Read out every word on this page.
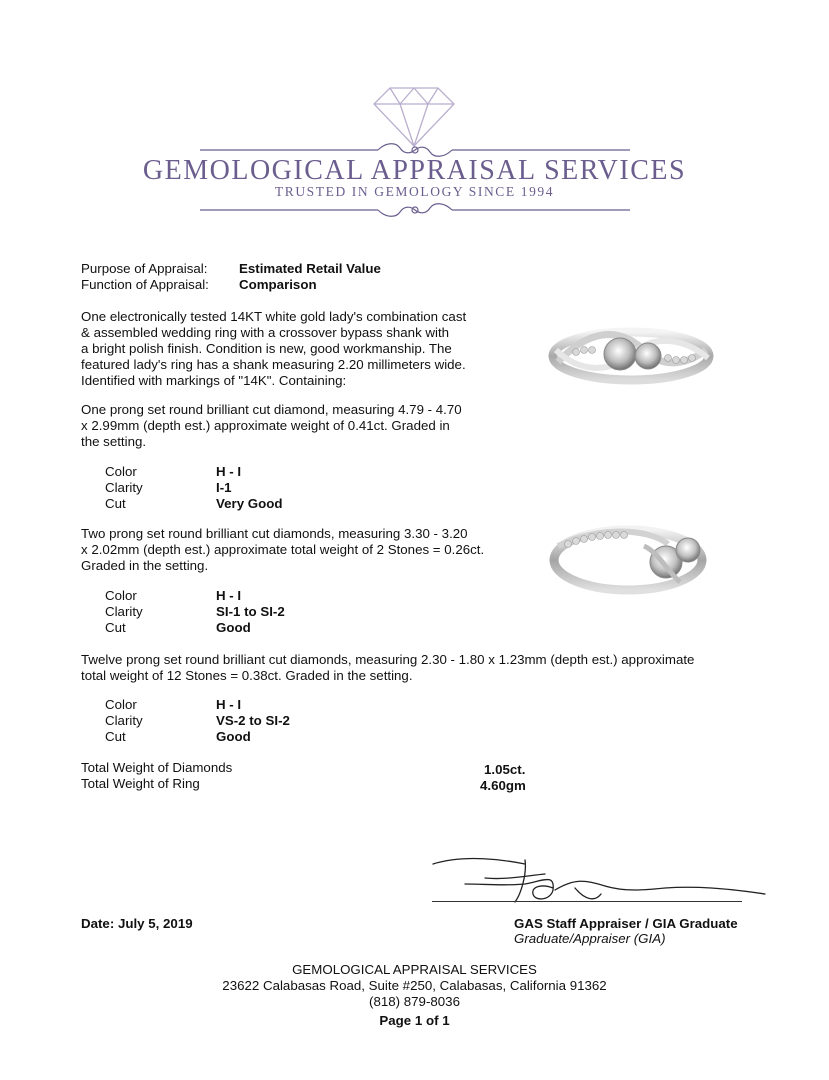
GEMOLOGICAL APPRAISAL SERVICES
TRUSTED IN GEMOLOGY SINCE 1994
Purpose of Appraisal: Estimated Retail Value
Function of Appraisal: Comparison
One electronically tested 14KT white gold lady's combination cast
& assembled wedding ring with a crossover bypass shank with
a bright polish finish. Condition is new, good workmanship. The
featured lady's ring has a shank measuring 2.20 millimeters wide.
Identified with markings of "14K". Containing:
One prong set round brilliant cut diamond, measuring 4.79 - 4.70
x 2.99mm (depth est.) approximate weight of 0.41ct. Graded in
the setting.
Color	H - I
Clarity	I-1
Cut	Very Good
Two prong set round brilliant cut diamonds, measuring 3.30 - 3.20
x 2.02mm (depth est.) approximate total weight of 2 Stones = 0.26ct.
Graded in the setting.
Color	H - I
Clarity	SI-1 to SI-2
Cut	Good
Twelve prong set round brilliant cut diamonds, measuring 2.30 - 1.80 x 1.23mm (depth est.) approximate
total weight of 12 Stones = 0.38ct. Graded in the setting.
Color	H - I
Clarity	VS-2 to SI-2
Cut	Good
Total Weight of Diamonds	1.05ct.
Total Weight of Ring	4.60gm
Date: July 5, 2019	GAS Staff Appraiser / GIA Graduate
Graduate/Appraiser (GIA)
GEMOLOGICAL APPRAISAL SERVICES
23622 Calabasas Road, Suite #250, Calabasas, California 91362
(818) 879-8036
Page 1 of 1
